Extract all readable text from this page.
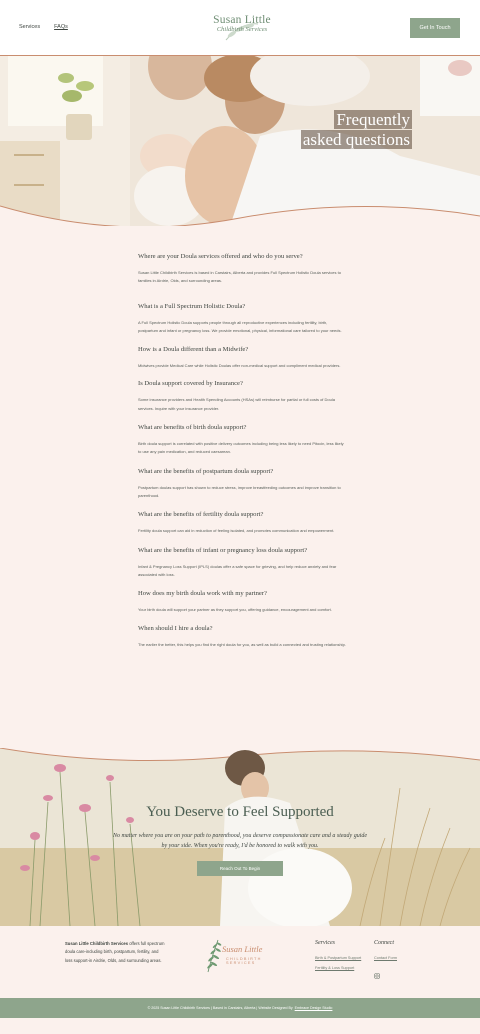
Services	FAQs
Susan Little
Childbirth Services	Get In Touch
Frequently
asked questions
Where are your Doula services offered and who do you serve?
Susan Little Childbirth Services is based in Carstairs, Alberta and provides Full Spectrum Holistic Doula services to families in Airdrie, Olds, and surrounding areas.
What is a Full Spectrum Holistic Doula?
A Full Spectrum Holistic Doula supports people through all reproductive experiences including fertility, birth, postpartum and infant or pregnancy loss. We provide emotional, physical, informational care tailored to your needs.
How is a Doula different than a Midwife?
Midwives provide Medical Care while Holistic Doulas offer non-medical support and compliment medical providers.
Is Doula support covered by Insurance?
Some insurance providers and Health Spending Accounts (HSAs) will reimburse for partial or full costs of Doula services. Inquire with your insurance provider.
What are benefits of birth doula support?
Birth doula support is correlated with positive delivery outcomes including being less likely to need Pitocin, less likely to use any pain medication, and reduced caesarean.
What are the benefits of postpartum doula support?
Postpartum doulas support has shown to reduce stress, improve breastfeeding outcomes and improve transition to parenthood.
What are the benefits of fertility doula support?
Fertility doula support can aid in reduction of feeling isolated, and promotes communication and empowerment.
What are the benefits of infant or pregnancy loss doula support?
Infant & Pregnancy Loss Support (IPLS) doulas offer a safe space for grieving, and help reduce anxiety and fear associated with loss.
How does my birth doula work with my partner?
Your birth doula will support your partner as they support you, offering guidance, encouragement and comfort.
When should I hire a doula?
The earlier the better, this helps you find the right doula for you, as well as build a connected and trusting relationship.
You Deserve to Feel Supported
No matter where you are on your path to parenthood, you deserve compassionate care and a steady guide by your side. When you're ready, I'd be honored to walk with you.
Reach Out To Begin
Susan Little Childbirth Services offers full spectrum doula care-including birth, postpartum, fertility, and loss support-in Airdrie, Olds, and surrounding areas.
Susan Little
CHILDBIRTH SERVICES
Services
Birth & Postpartum Support
Fertility & Loss Support
Connect
Contact Form
© 2025 Susan Little Childbirth Services | Based in Carstairs, Alberta | Website Designed By Embrace Design Studio
